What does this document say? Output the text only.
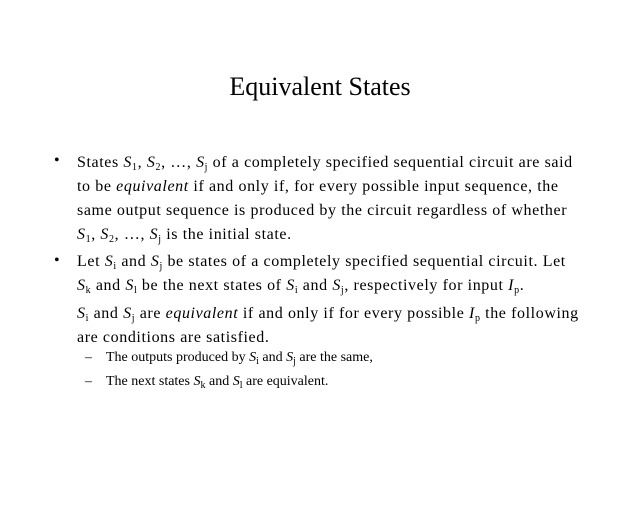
Equivalent States
• States $S_1$, $S_2$, …, $S_j$ of a completely specified sequential circuit are said
to be equivalent if and only if, for every possible input sequence, the
same output sequence is produced by the circuit regardless of whether
$S_1$, $S_2$, …, $S_j$ is the initial state.
• Let $S_i$ and $S_j$ be states of a completely specified sequential circuit. Let
$S_k$ and $S_l$ be the next states of $S_i$ and $S_j$, respectively for input $I_p$.
$S_i$ and $S_j$ are equivalent if and only if for every possible $I_p$ the following
are conditions are satisfied.
– The outputs produced by $S_i$ and $S_j$ are the same,
– The next states $S_k$ and $S_l$ are equivalent.
